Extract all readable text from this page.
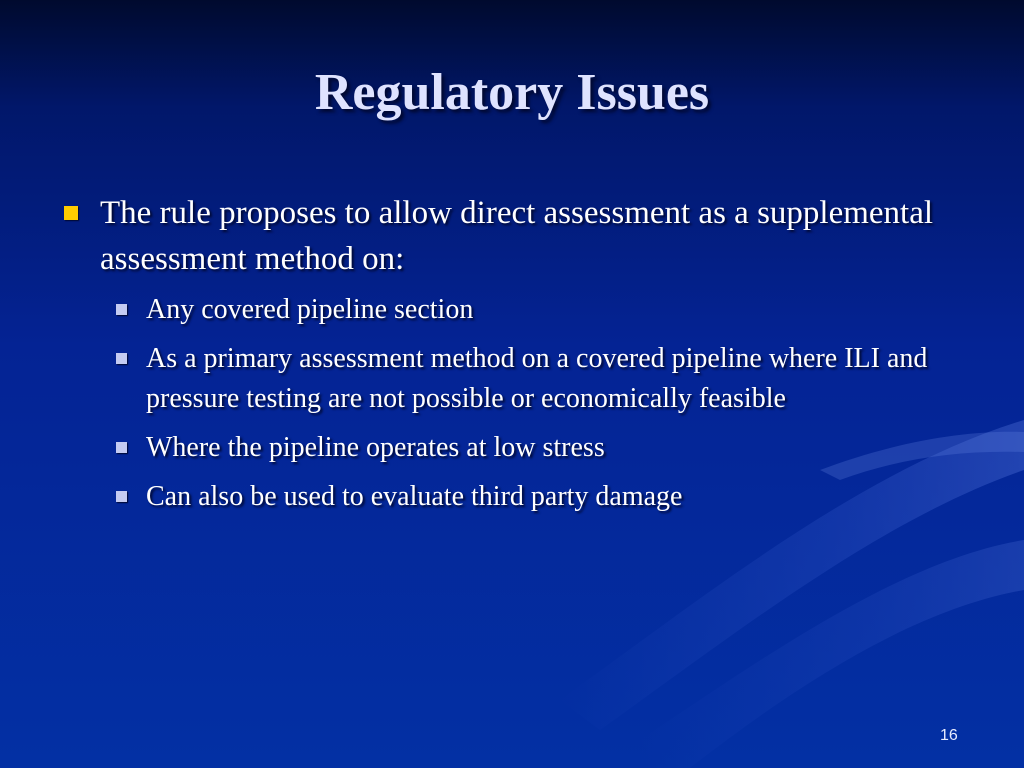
Regulatory Issues
The rule proposes to allow direct assessment as a supplemental assessment method on:
Any covered pipeline section
As a primary assessment method on a covered pipeline where ILI and pressure testing are not possible or economically feasible
Where the pipeline operates at low stress
Can also be used to evaluate third party damage
16
